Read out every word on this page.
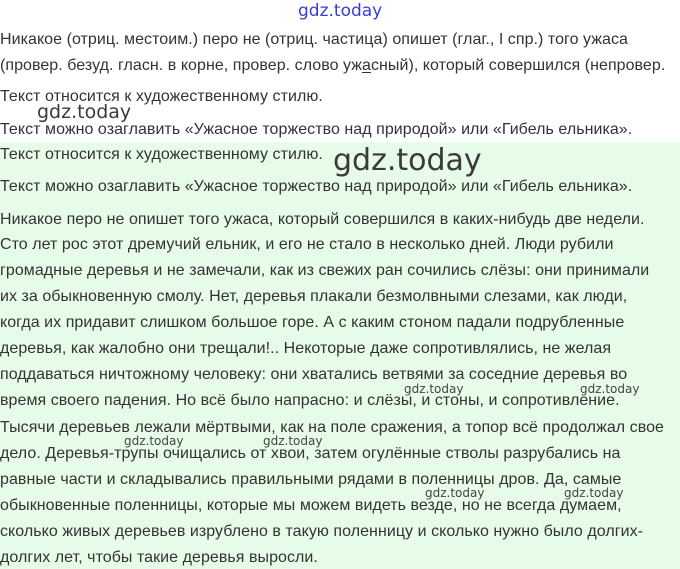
gdz.today
Никакое (отриц. местоим.) перо не (отриц. частица) опишет (глаг., I спр.) того ужаса
(провер. безуд. гласн. в корне, провер. слово ужасный), который совершился (непровер.
Текст относится к художественному стилю.
gdz.today
Текст можно озаглавить «Ужасное торжество над природой» или «Гибель ельника».
Текст относится к художественному стилю. gdz.today
Текст можно озаглавить «Ужасное торжество над природой» или «Гибель ельника».
Никакое перо не опишет того ужаса, который совершился в каких-нибудь две недели.
Сто лет рос этот дремучий ельник, и его не стало в несколько дней. Люди рубили
громадные деревья и не замечали, как из свежих ран сочились слёзы: они принимали
их за обыкновенную смолу. Нет, деревья плакали безмолвными слезами, как люди,
когда их придавит слишком большое горе. А с каким стоном падали подрубленные
деревья, как жалобно они трещали!.. Некоторые даже сопротивлялись, не желая
поддаваться ничтожному человеку: они хватались ветвями за соседние деревья во
время своего падения. Но всё было напрасно: и слёзы, и стоны, и сопротивление.
Тысячи деревьев лежали мёртвыми, как на поле сражения, а топор всё продолжал свое
дело. Деревья-трупы очищались от хвои, затем огулённые стволы разрубались на
равные части и складывались правильными рядами в поленницы дров. Да, самые
обыкновенные поленницы, которые мы можем видеть везде, но не всегда думаем,
сколько живых деревьев изрублено в такую поленницу и сколько нужно было долгих-
долгих лет, чтобы такие деревья выросли.
gdz.today	gdz.today
gdz.today	gdz.today
gdz.today	gdz.today
